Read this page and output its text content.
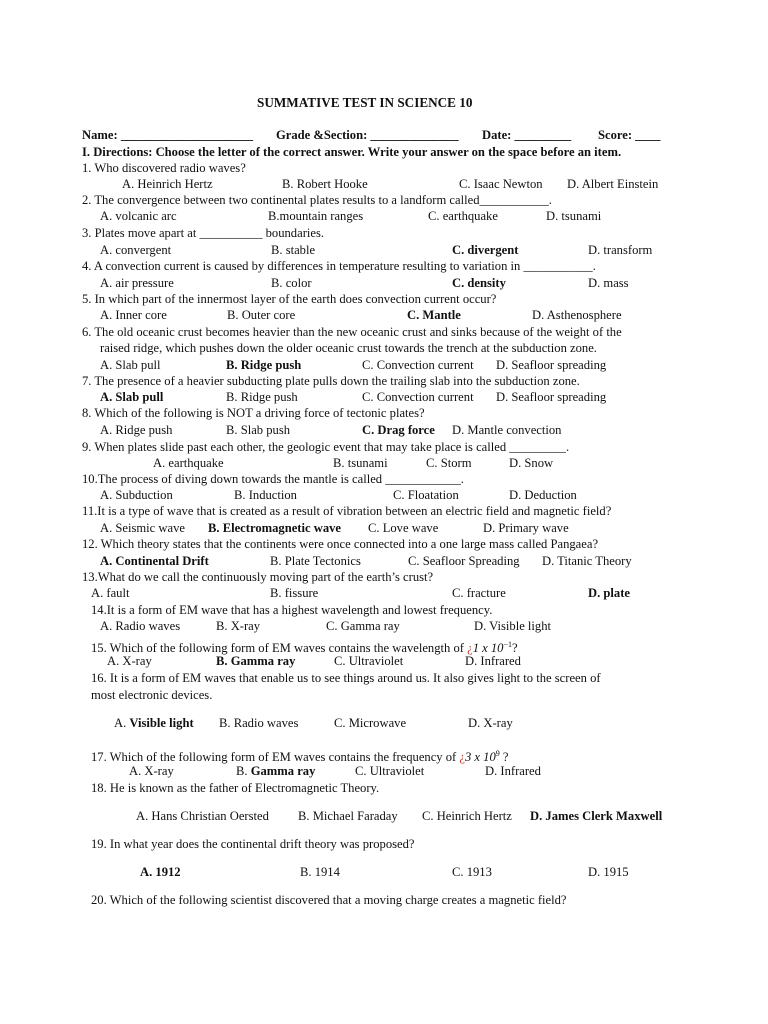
SUMMATIVE TEST IN SCIENCE 10
Name: _____________________ Grade &Section: ______________ Date: _________ Score: ____
I. Directions: Choose the letter of the correct answer. Write your answer on the space before an item.
1. Who discovered radio waves?
A. Heinrich Hertz	B. Robert Hooke	C. Isaac Newton D. Albert Einstein
2. The convergence between two continental plates results to a landform called___________.
A. volcanic arc	B.mountain ranges	C. earthquake	D. tsunami
3. Plates move apart at __________ boundaries.
A. convergent	B. stable	C. divergent	D. transform
4. A convection current is caused by differences in temperature resulting to variation in ___________.
A. air pressure	B. color	C. density	D. mass
5. In which part of the innermost layer of the earth does convection current occur?
A. Inner core	B. Outer core	C. Mantle	D. Asthenosphere
6. The old oceanic crust becomes heavier than the new oceanic crust and sinks because of the weight of the
raised ridge, which pushes down the older oceanic crust towards the trench at the subduction zone.
A. Slab pull	B. Ridge push	C. Convection current D. Seafloor spreading
7. The presence of a heavier subducting plate pulls down the trailing slab into the subduction zone.
A. Slab pull	B. Ridge push	C. Convection current D. Seafloor spreading
8. Which of the following is NOT a driving force of tectonic plates?
A. Ridge push	B. Slab push	C. Drag force D. Mantle convection
9. When plates slide past each other, the geologic event that may take place is called _________.
A. earthquake	B. tsunami	C. Storm	D. Snow
10.The process of diving down towards the mantle is called ____________.
A. Subduction	B. Induction	C. Floatation	D. Deduction
11.It is a type of wave that is created as a result of vibration between an electric field and magnetic field?
A. Seismic wave B. Electromagnetic wave C. Love wave	D. Primary wave
12. Which theory states that the continents were once connected into a one large mass called Pangaea?
A. Continental Drift	B. Plate Tectonics	C. Seafloor Spreading D. Titanic Theory
13.What do we call the continuously moving part of the earth’s crust?
A. fault	B. fissure	C. fracture	D. plate
14.It is a form of EM wave that has a highest wavelength and lowest frequency.
A. Radio waves	B. X-ray	C. Gamma ray	D. Visible light
15. Which of the following form of EM waves contains the wavelength of ¿1 x $10^{-1}$?
A. X-ray	B. Gamma ray	C. Ultraviolet	D. Infrared
16. It is a form of EM waves that enable us to see things around us. It also gives light to the screen of
most electronic devices.
A. Visible light B. Radio waves	C. Microwave	D. X-ray
17. Which of the following form of EM waves contains the frequency of ¿3 x $10^9$ ?
A. X-ray	B. Gamma ray	C. Ultraviolet	D. Infrared
18. He is known as the father of Electromagnetic Theory.
A. Hans Christian Oersted B. Michael Faraday C. Heinrich Hertz D. James Clerk Maxwell
19. In what year does the continental drift theory was proposed?
A. 1912	B. 1914	C. 1913	D. 1915
20. Which of the following scientist discovered that a moving charge creates a magnetic field?
